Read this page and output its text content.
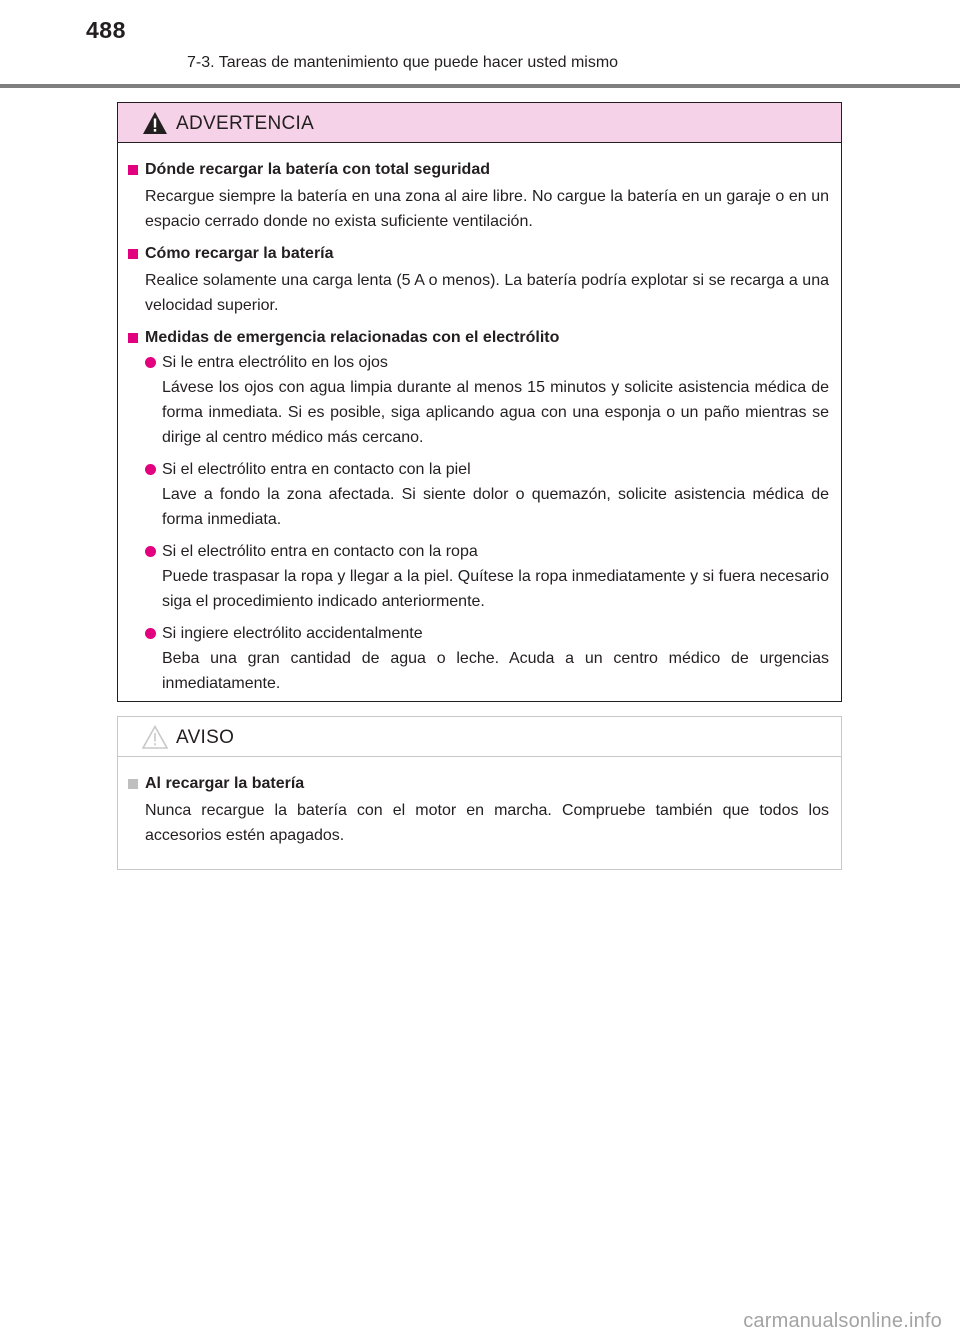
488
7-3. Tareas de mantenimiento que puede hacer usted mismo
ADVERTENCIA
Dónde recargar la batería con total seguridad
Recargue siempre la batería en una zona al aire libre. No cargue la batería en un garaje o en un espacio cerrado donde no exista suficiente ventilación.
Cómo recargar la batería
Realice solamente una carga lenta (5 A o menos). La batería podría explotar si se recarga a una velocidad superior.
Medidas de emergencia relacionadas con el electrólito
Si le entra electrólito en los ojos
Lávese los ojos con agua limpia durante al menos 15 minutos y solicite asistencia médica de forma inmediata. Si es posible, siga aplicando agua con una esponja o un paño mientras se dirige al centro médico más cercano.
Si el electrólito entra en contacto con la piel
Lave a fondo la zona afectada. Si siente dolor o quemazón, solicite asistencia médica de forma inmediata.
Si el electrólito entra en contacto con la ropa
Puede traspasar la ropa y llegar a la piel. Quítese la ropa inmediatamente y si fuera necesario siga el procedimiento indicado anteriormente.
Si ingiere electrólito accidentalmente
Beba una gran cantidad de agua o leche. Acuda a un centro médico de urgencias inmediatamente.
AVISO
Al recargar la batería
Nunca recargue la batería con el motor en marcha. Compruebe también que todos los accesorios estén apagados.
carmanualsonline.info
